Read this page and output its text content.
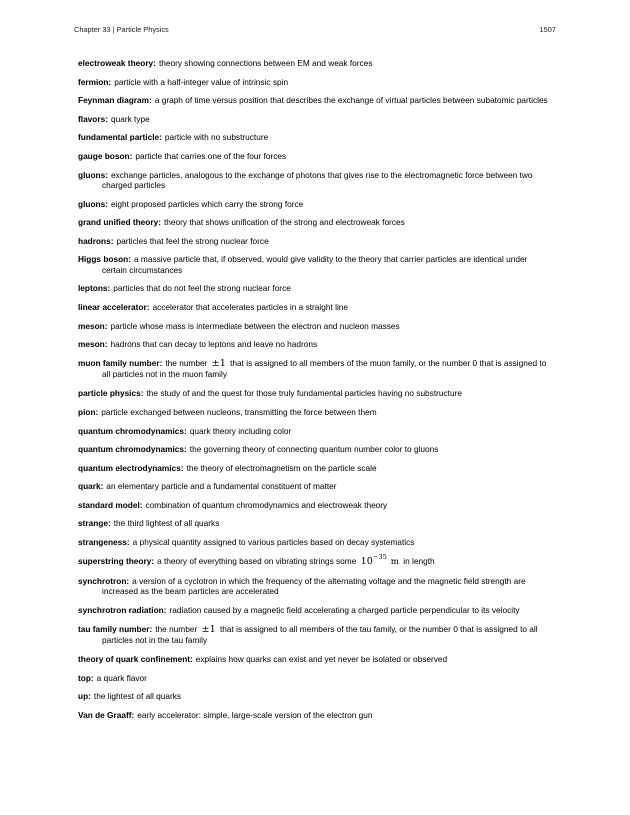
Chapter 33 | Particle Physics	1507

electroweak theory: theory showing connections between EM and weak forces

fermion: particle with a half-integer value of intrinsic spin

Feynman diagram: a graph of time versus position that describes the exchange of virtual particles between subatomic particles

flavors: quark type

fundamental particle: particle with no substructure

gauge boson: particle that carries one of the four forces

gluons: exchange particles, analogous to the exchange of photons that gives rise to the electromagnetic force between two charged particles

gluons: eight proposed particles which carry the strong force

grand unified theory: theory that shows unification of the strong and electroweak forces

hadrons: particles that feel the strong nuclear force

Higgs boson: a massive particle that, if observed, would give validity to the theory that carrier particles are identical under certain circumstances

leptons: particles that do not feel the strong nuclear force

linear accelerator: accelerator that accelerates particles in a straight line

meson: particle whose mass is intermediate between the electron and nucleon masses

meson: hadrons that can decay to leptons and leave no hadrons

muon family number: the number ±1 that is assigned to all members of the muon family, or the number 0 that is assigned to all particles not in the muon family

particle physics: the study of and the quest for those truly fundamental particles having no substructure

pion: particle exchanged between nucleons, transmitting the force between them

quantum chromodynamics: quark theory including color

quantum chromodynamics: the governing theory of connecting quantum number color to gluons

quantum electrodynamics: the theory of electromagnetism on the particle scale

quark: an elementary particle and a fundamental constituent of matter

standard model: combination of quantum chromodynamics and electroweak theory

strange: the third lightest of all quarks

strangeness: a physical quantity assigned to various particles based on decay systematics

superstring theory: a theory of everything based on vibrating strings some $10^{-35}$ m in length

synchrotron: a version of a cyclotron in which the frequency of the alternating voltage and the magnetic field strength are increased as the beam particles are accelerated

synchrotron radiation: radiation caused by a magnetic field accelerating a charged particle perpendicular to its velocity

tau family number: the number ±1 that is assigned to all members of the tau family, or the number 0 that is assigned to all particles not in the tau family

theory of quark confinement: explains how quarks can exist and yet never be isolated or observed

top: a quark flavor

up: the lightest of all quarks

Van de Graaff: early accelerator: simple, large-scale version of the electron gun
